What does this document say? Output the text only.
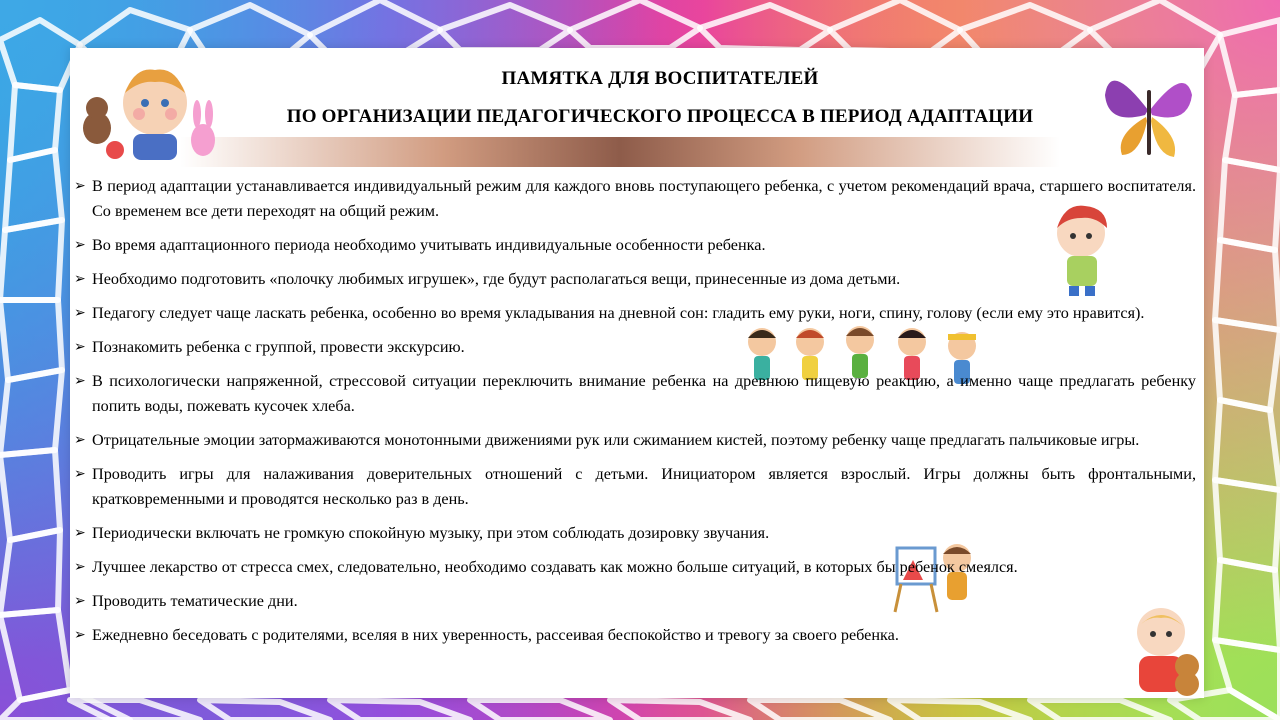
ПАМЯТКА ДЛЯ ВОСПИТАТЕЛЕЙ
ПО ОРГАНИЗАЦИИ ПЕДАГОГИЧЕСКОГО ПРОЦЕССА В ПЕРИОД АДАПТАЦИИ
➢ В период адаптации устанавливается индивидуальный режим для каждого вновь поступающего ребенка, с учетом рекомендаций врача, старшего воспитателя. Со временем все дети переходят на общий режим.
➢ Во время адаптационного периода необходимо учитывать индивидуальные особенности ребенка.
➢ Необходимо подготовить «полочку любимых игрушек», где будут располагаться вещи, принесенные из дома детьми.
➢ Педагогу следует чаще ласкать ребенка, особенно во время укладывания на дневной сон: гладить ему руки, ноги, спину, голову (если ему это нравится).
➢ Познакомить ребенка с группой, провести экскурсию.
➢ В психологически напряженной, стрессовой ситуации переключить внимание ребенка на древнюю пищевую реакцию, а именно чаще предлагать ребенку попить воды, пожевать кусочек хлеба.
➢ Отрицательные эмоции затормаживаются монотонными движениями рук или сжиманием кистей, поэтому ребенку чаще предлагать пальчиковые игры.
➢ Проводить игры для налаживания доверительных отношений с детьми. Инициатором является взрослый. Игры должны быть фронтальными, кратковременными и проводятся несколько раз в день.
➢ Периодически включать не громкую спокойную музыку, при этом соблюдать дозировку звучания.
➢ Лучшее лекарство от стресса смех, следовательно, необходимо создавать как можно больше ситуаций, в которых бы ребенок смеялся.
➢ Проводить тематические дни.
➢ Ежедневно беседовать с родителями, вселяя в них уверенность, рассеивая беспокойство и тревогу за своего ребенка.
